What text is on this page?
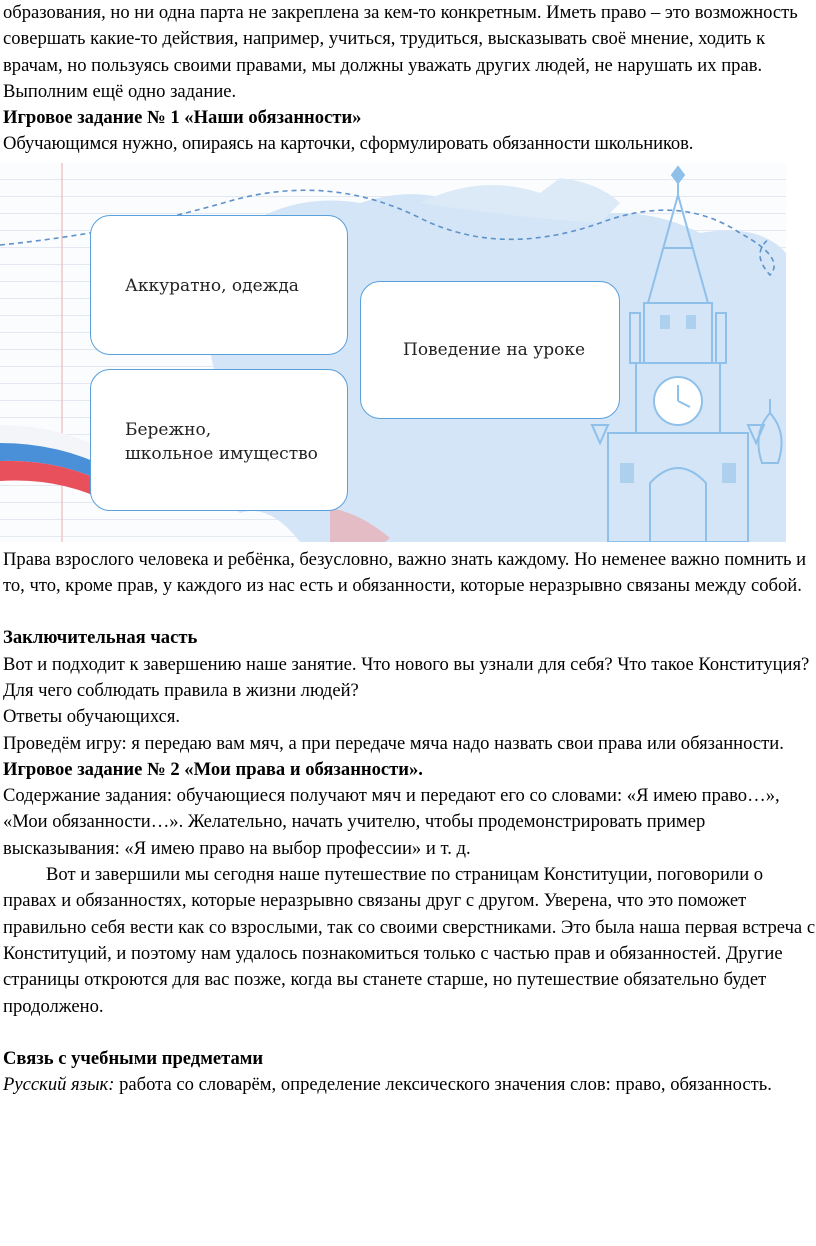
образования, но ни одна парта не закреплена за кем-то конкретным. Иметь право – это возможность совершать какие-то действия, например, учиться, трудиться, высказывать своё мнение, ходить к врачам, но пользуясь своими правами, мы должны уважать других людей, не нарушать их прав.

Выполним ещё одно задание.

Игровое задание № 1 «Наши обязанности»

Обучающимся нужно, опираясь на карточки, сформулировать обязанности школьников.

Аккуратно, одежда
Поведение на уроке
Бережно,
школьное имущество

Права взрослого человека и ребёнка, безусловно, важно знать каждому. Но неменее важно помнить и то, что, кроме прав, у каждого из нас есть и обязанности, которые неразрывно связаны между собой.

Заключительная часть

Вот и подходит к завершению наше занятие. Что нового вы узнали для себя? Что такое Конституция? Для чего соблюдать правила в жизни людей?

Ответы обучающихся.

Проведём игру: я передаю вам мяч, а при передаче мяча надо назвать свои права или обязанности.

Игровое задание № 2 «Мои права и обязанности».

Содержание задания: обучающиеся получают мяч и передают его со словами: «Я имею право…», «Мои обязанности…». Желательно, начать учителю, чтобы продемонстрировать пример высказывания: «Я имею право на выбор профессии» и т. д.

Вот и завершили мы сегодня наше путешествие по страницам Конституции, поговорили о правах и обязанностях, которые неразрывно связаны друг с другом. Уверена, что это поможет правильно себя вести как со взрослыми, так со своими сверстниками. Это была наша первая встреча с Конституций, и поэтому нам удалось познакомиться только с частью прав и обязанностей. Другие страницы откроются для вас позже, когда вы станете старше, но путешествие обязательно будет продолжено.

Связь с учебными предметами

Русский язык: работа со словарём, определение лексического значения слов: право, обязанность.
